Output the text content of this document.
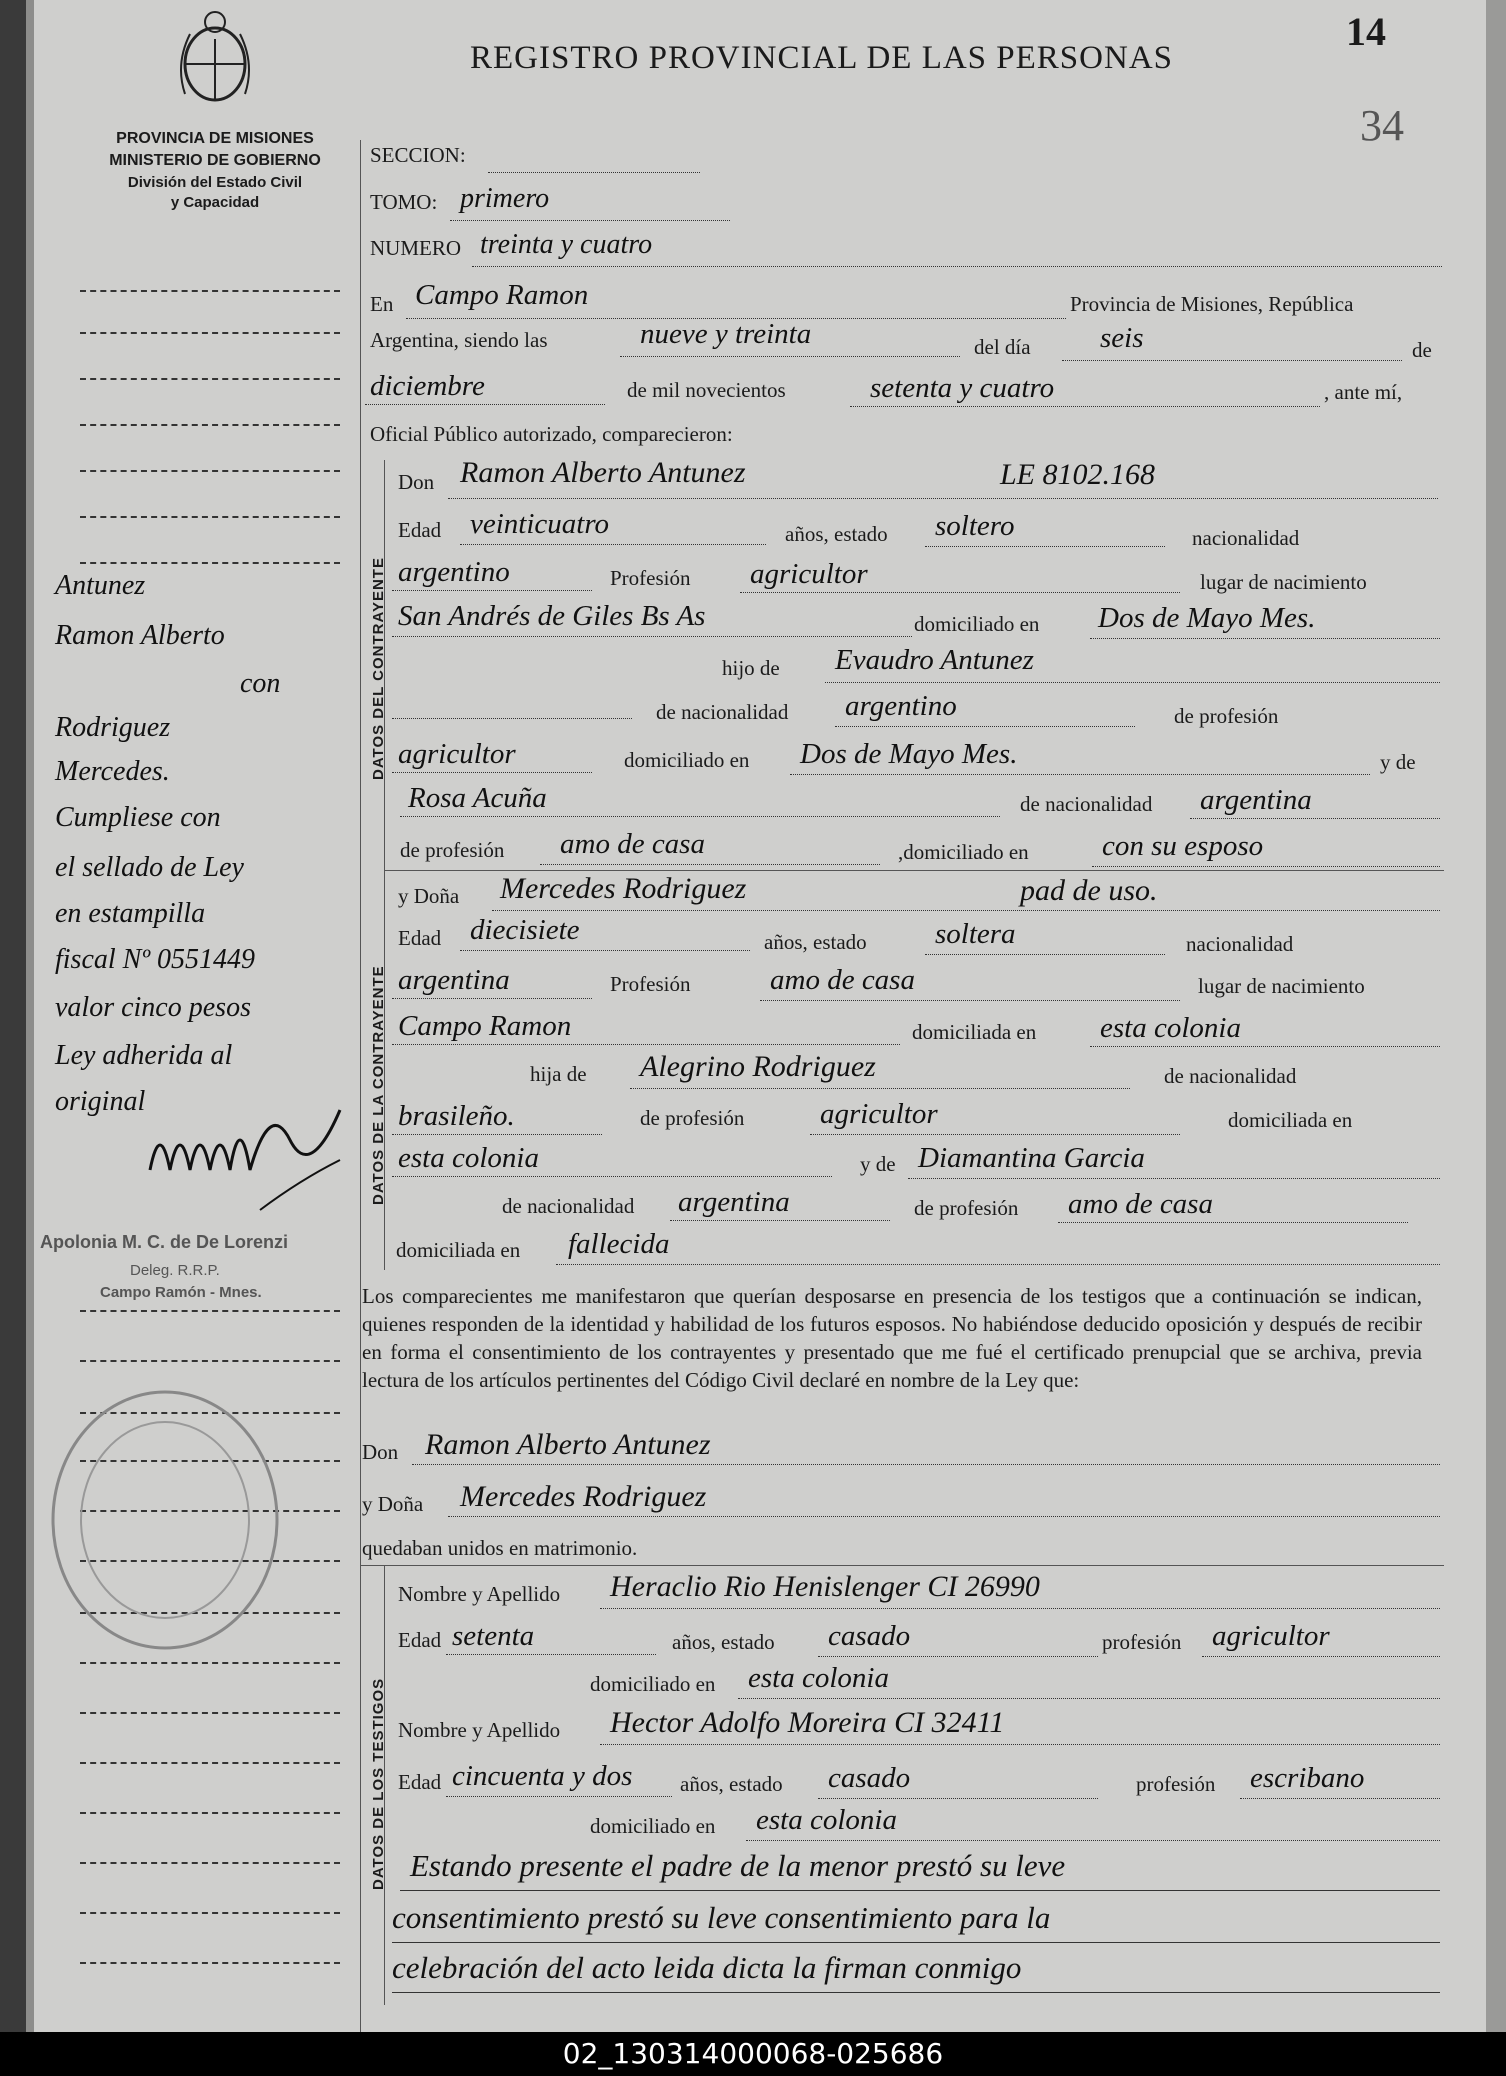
PROVINCIA DE MISIONES
MINISTERIO DE GOBIERNO
División del Estado Civil
y Capacidad
REGISTRO PROVINCIAL DE LAS PERSONAS
14
34
Antunez
Ramon Alberto
con
Rodriguez
Mercedes.
Cumpliese con
el sellado de Ley
en estampilla
fiscal Nº 0551449
valor cinco pesos
Ley adherida al
original
Apolonia M. C. de De Lorenzi
Deleg. R.R.P.
Campo Ramón - Mnes.
DATOS DEL CONTRAYENTE
DATOS DE LA CONTRAYENTE
DATOS DE LOS TESTIGOS
SECCION:
TOMO: primero
NUMERO treinta y cuatro
En Campo Ramon	Provincia de Misiones, República
Argentina, siendo las	nueve y treinta	del día seis	de
diciembre	de mil novecientos	setenta y cuatro	, ante mí,
Oficial Público autorizado, comparecieron:
Don Ramon Alberto Antunez	LE 8102.168
Edad veinticuatro	años, estado soltero	nacionalidad
argentino	Profesión agricultor	lugar de nacimiento
San Andrés de Giles Bs As	domiciliado en Dos de Mayo Mes.
hijo de Evaudro Antunez
de nacionalidad argentino	de profesión
agricultor	domiciliado en Dos de Mayo Mes.	y de
Rosa Acuña	de nacionalidad argentina
de profesión amo de casa	,domiciliado en	con su esposo
y Doña Mercedes Rodriguez	pad de uso.
Edad diecisiete	años, estado soltera	nacionalidad
argentina	Profesión	amo de casa	lugar de nacimiento
Campo Ramon	domiciliada en esta colonia
hija de Alegrino Rodriguez	de nacionalidad
brasileño.	de profesión	agricultor	domiciliada en
esta colonia	y de Diamantina Garcia
de nacionalidad argentina	de profesión amo de casa
domiciliada en fallecida
Los comparecientes me manifestaron que querían desposarse en presencia de los testigos que a continuación se indican, quienes responden de la identidad y habilidad de los futuros esposos. No habiéndose deducido oposición y después de recibir en forma el consentimiento de los contrayentes y presentado que me fué el certificado prenupcial que se archiva, previa lectura de los artículos pertinentes del Código Civil declaré en nombre de la Ley que:
Don Ramon Alberto Antunez
y Doña Mercedes Rodriguez
quedaban unidos en matrimonio.
Nombre y Apellido Heraclio Rio Henislenger CI 26990
Edad setenta	años, estado casado	profesión agricultor
domiciliado en esta colonia
Nombre y Apellido Hector Adolfo Moreira CI 32411
Edad cincuenta y dos años, estado casado	profesión escribano
domiciliado en esta colonia
Estando presente el padre de la menor prestó su leve
consentimiento prestó su leve consentimiento para la
celebración del acto leida dicta la firman conmigo
02_130314000068-025686
